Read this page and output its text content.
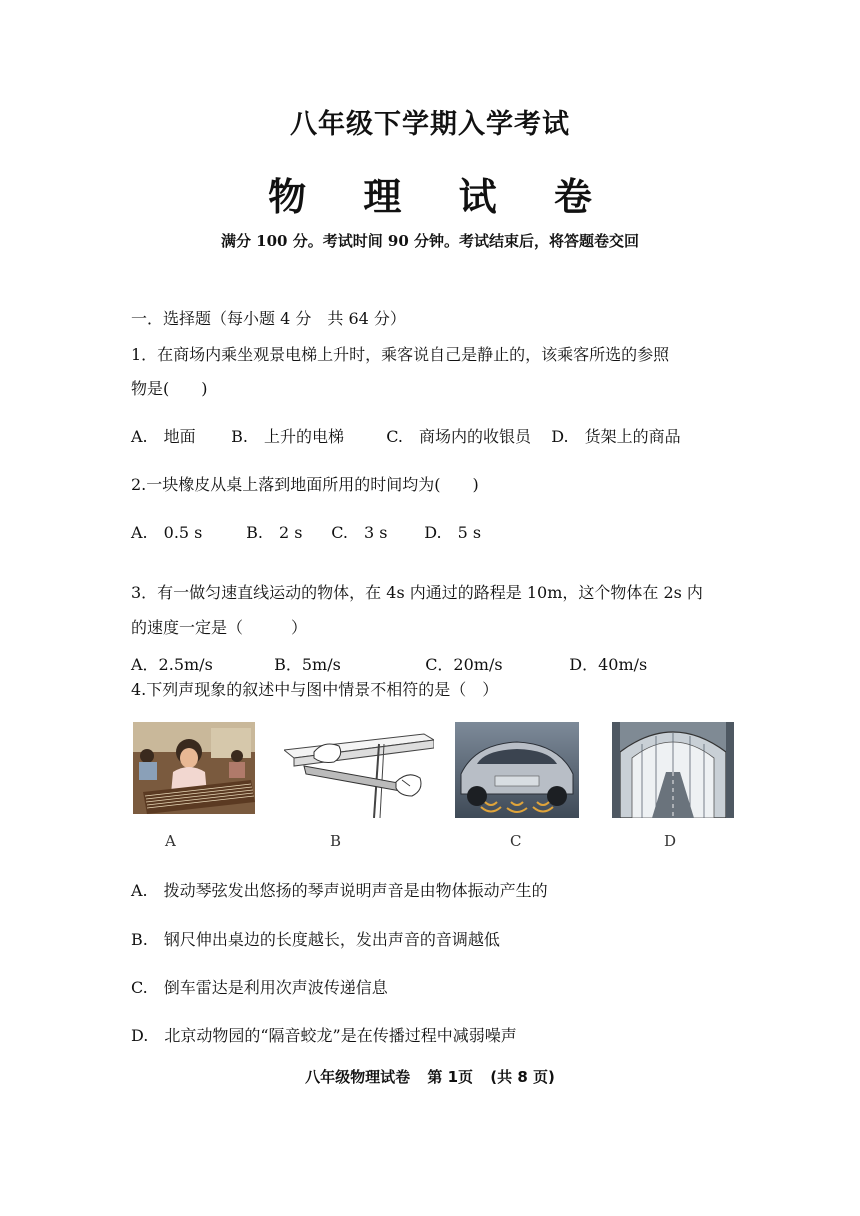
八年级下学期入学考试
物 理 试 卷
满分 100 分。考试时间 90 分钟。考试结束后，将答题卷交回
一．选择题（每小题 4 分　共 64 分）
1．在商场内乘坐观景电梯上升时，乘客说自己是静止的，该乘客所选的参照
物是(　　)
A.　地面 B.　上升的电梯	C.　商场内的收银员 D.　货架上的商品
2.一块橡皮从桌上落到地面所用的时间均为(　　)
A.　0.5 s	B.　2 s C.　3 s D.　5 s
3．有一做匀速直线运动的物体，在 4s 内通过的路程是 10m，这个物体在 2s 内
的速度一定是（　　　）
A．2.5m/s	B．5m/s	C．20m/s	D．40m/s
4.下列声现象的叙述中与图中情景不相符的是（　）
A	B	C	D
A.　拨动琴弦发出悠扬的琴声说明声音是由物体振动产生的
B.　钢尺伸出桌边的长度越长，发出声音的音调越低
C.　倒车雷达是利用次声波传递信息
D.　北京动物园的“隔音蛟龙”是在传播过程中减弱噪声
八年级物理试卷 第 1页 (共 8 页)
